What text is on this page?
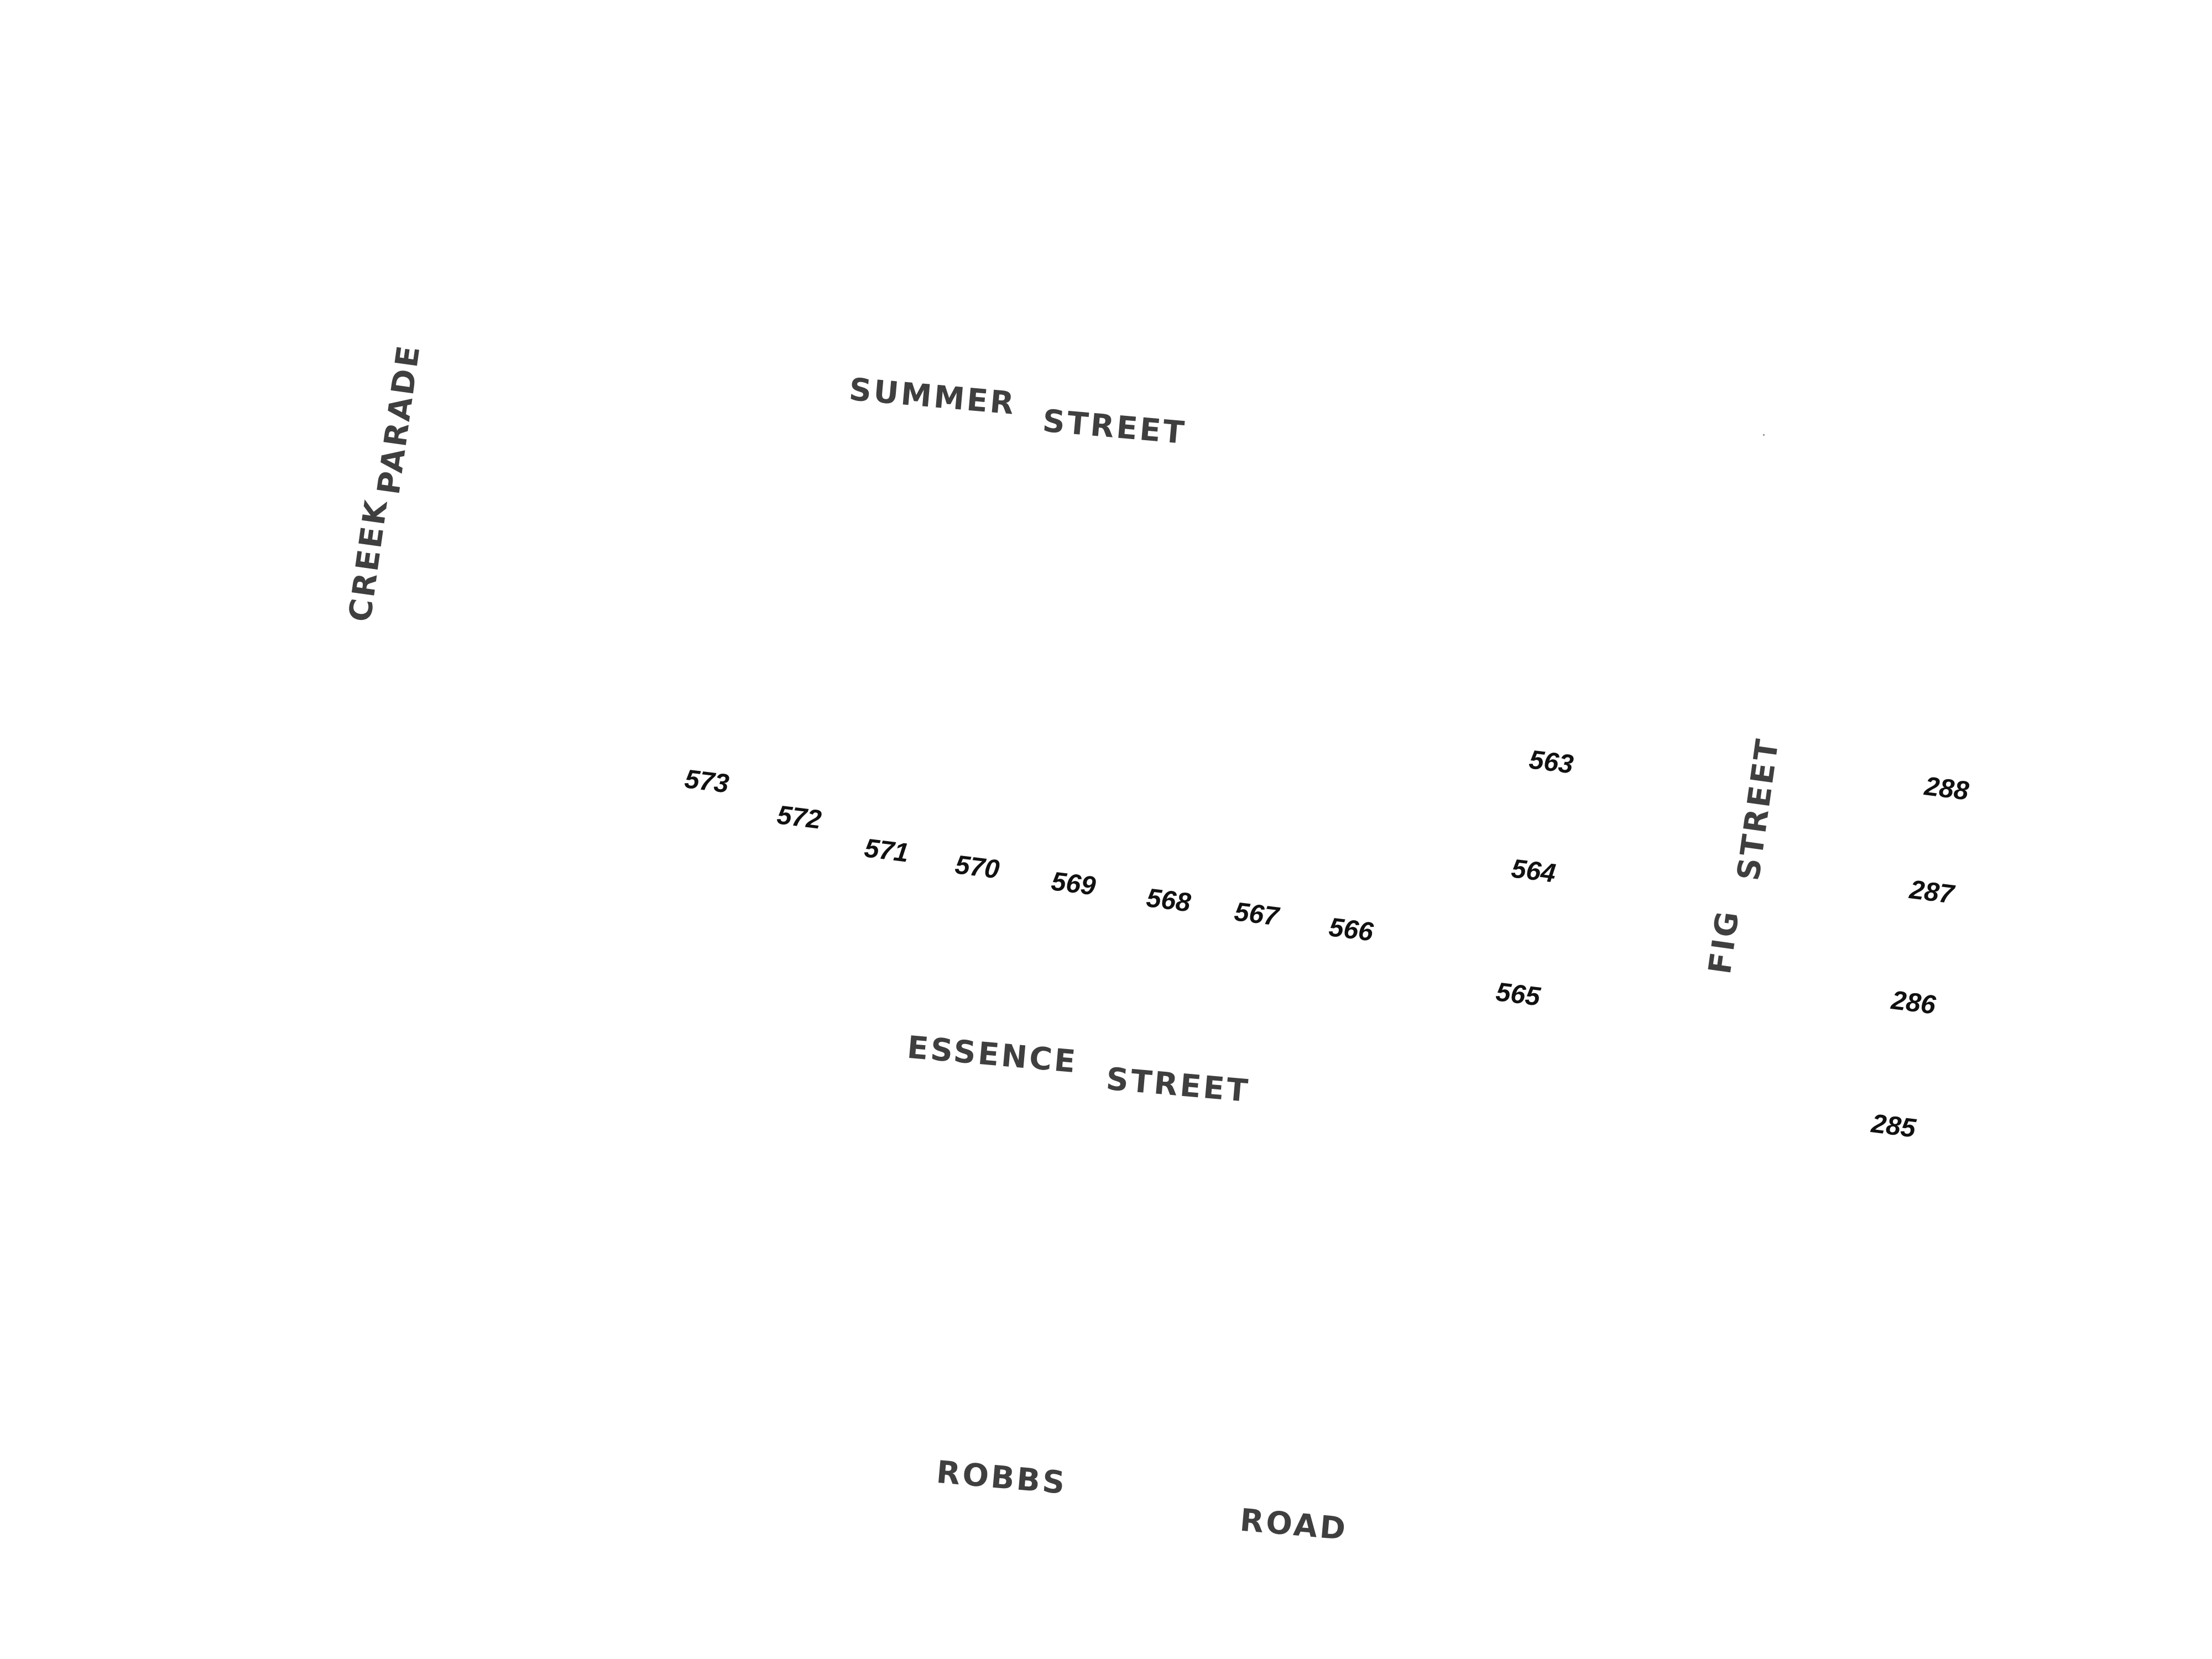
SUMMER
STREET
CREEK
PARADE
ESSENCE
STREET
ROBBS
ROAD
FIG
STREET
573
572
571 570 569 568 567 566
563
564
565
288
287
286
285
